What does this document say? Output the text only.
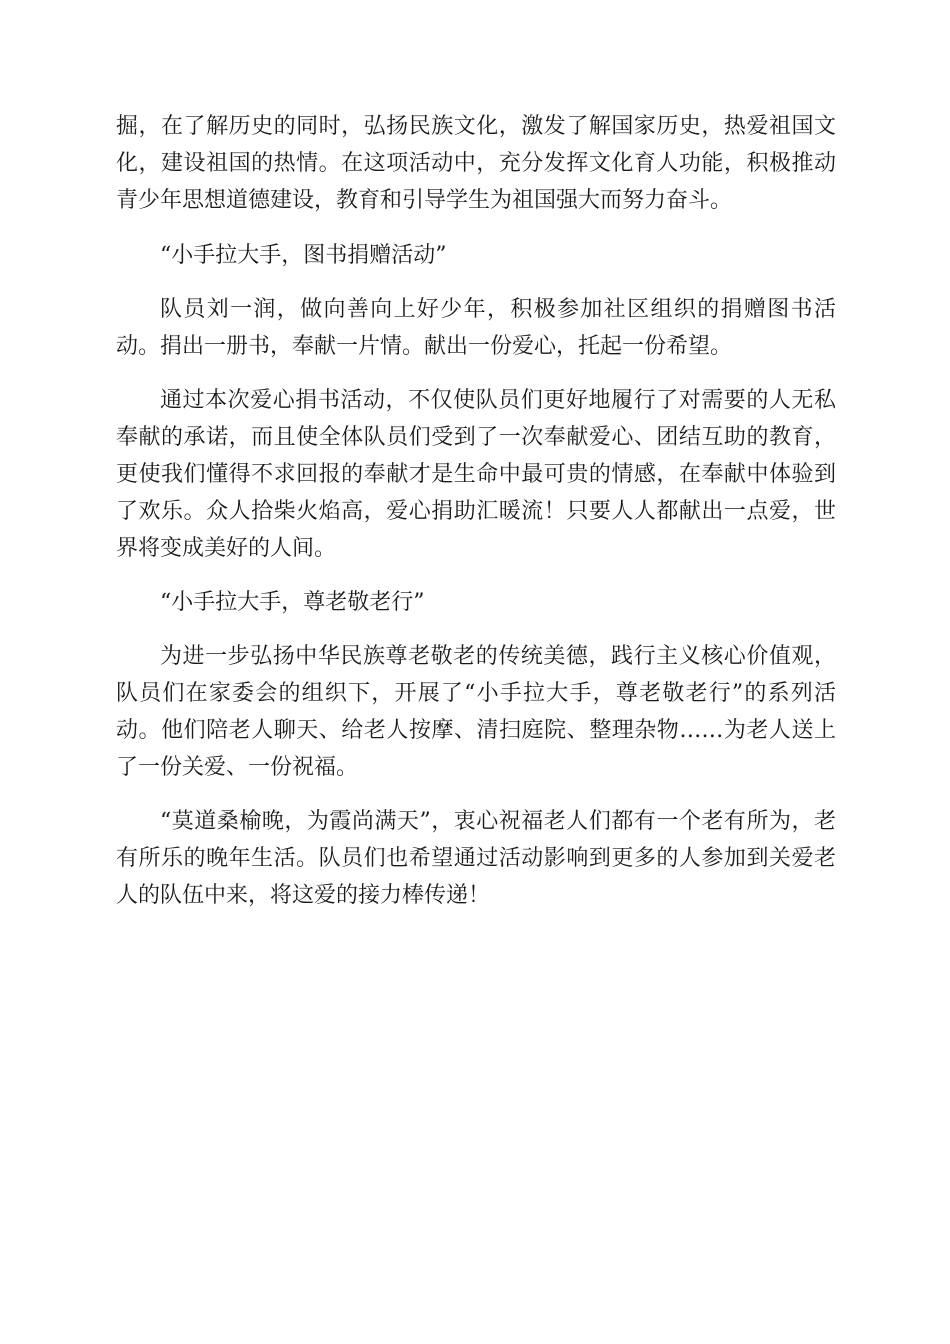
掘，在了解历史的同时，弘扬民族文化，激发了解国家历史，热爱祖国文化，建设祖国的热情。在这项活动中，充分发挥文化育人功能，积极推动青少年思想道德建设，教育和引导学生为祖国强大而努力奋斗。

“小手拉大手，图书捐赠活动”

队员刘一润，做向善向上好少年，积极参加社区组织的捐赠图书活动。捐出一册书，奉献一片情。献出一份爱心，托起一份希望。

通过本次爱心捐书活动，不仅使队员们更好地履行了对需要的人无私奉献的承诺，而且使全体队员们受到了一次奉献爱心、团结互助的教育，更使我们懂得不求回报的奉献才是生命中最可贵的情感，在奉献中体验到了欢乐。众人拾柴火焰高，爱心捐助汇暖流！只要人人都献出一点爱，世界将变成美好的人间。

“小手拉大手，尊老敬老行”

为进一步弘扬中华民族尊老敬老的传统美德，践行主义核心价值观，队员们在家委会的组织下，开展了“小手拉大手，尊老敬老行”的系列活动。他们陪老人聊天、给老人按摩、清扫庭院、整理杂物……为老人送上了一份关爱、一份祝福。

“莫道桑榆晚，为霞尚满天”，衷心祝福老人们都有一个老有所为，老有所乐的晚年生活。队员们也希望通过活动影响到更多的人参加到关爱老人的队伍中来，将这爱的接力棒传递！
